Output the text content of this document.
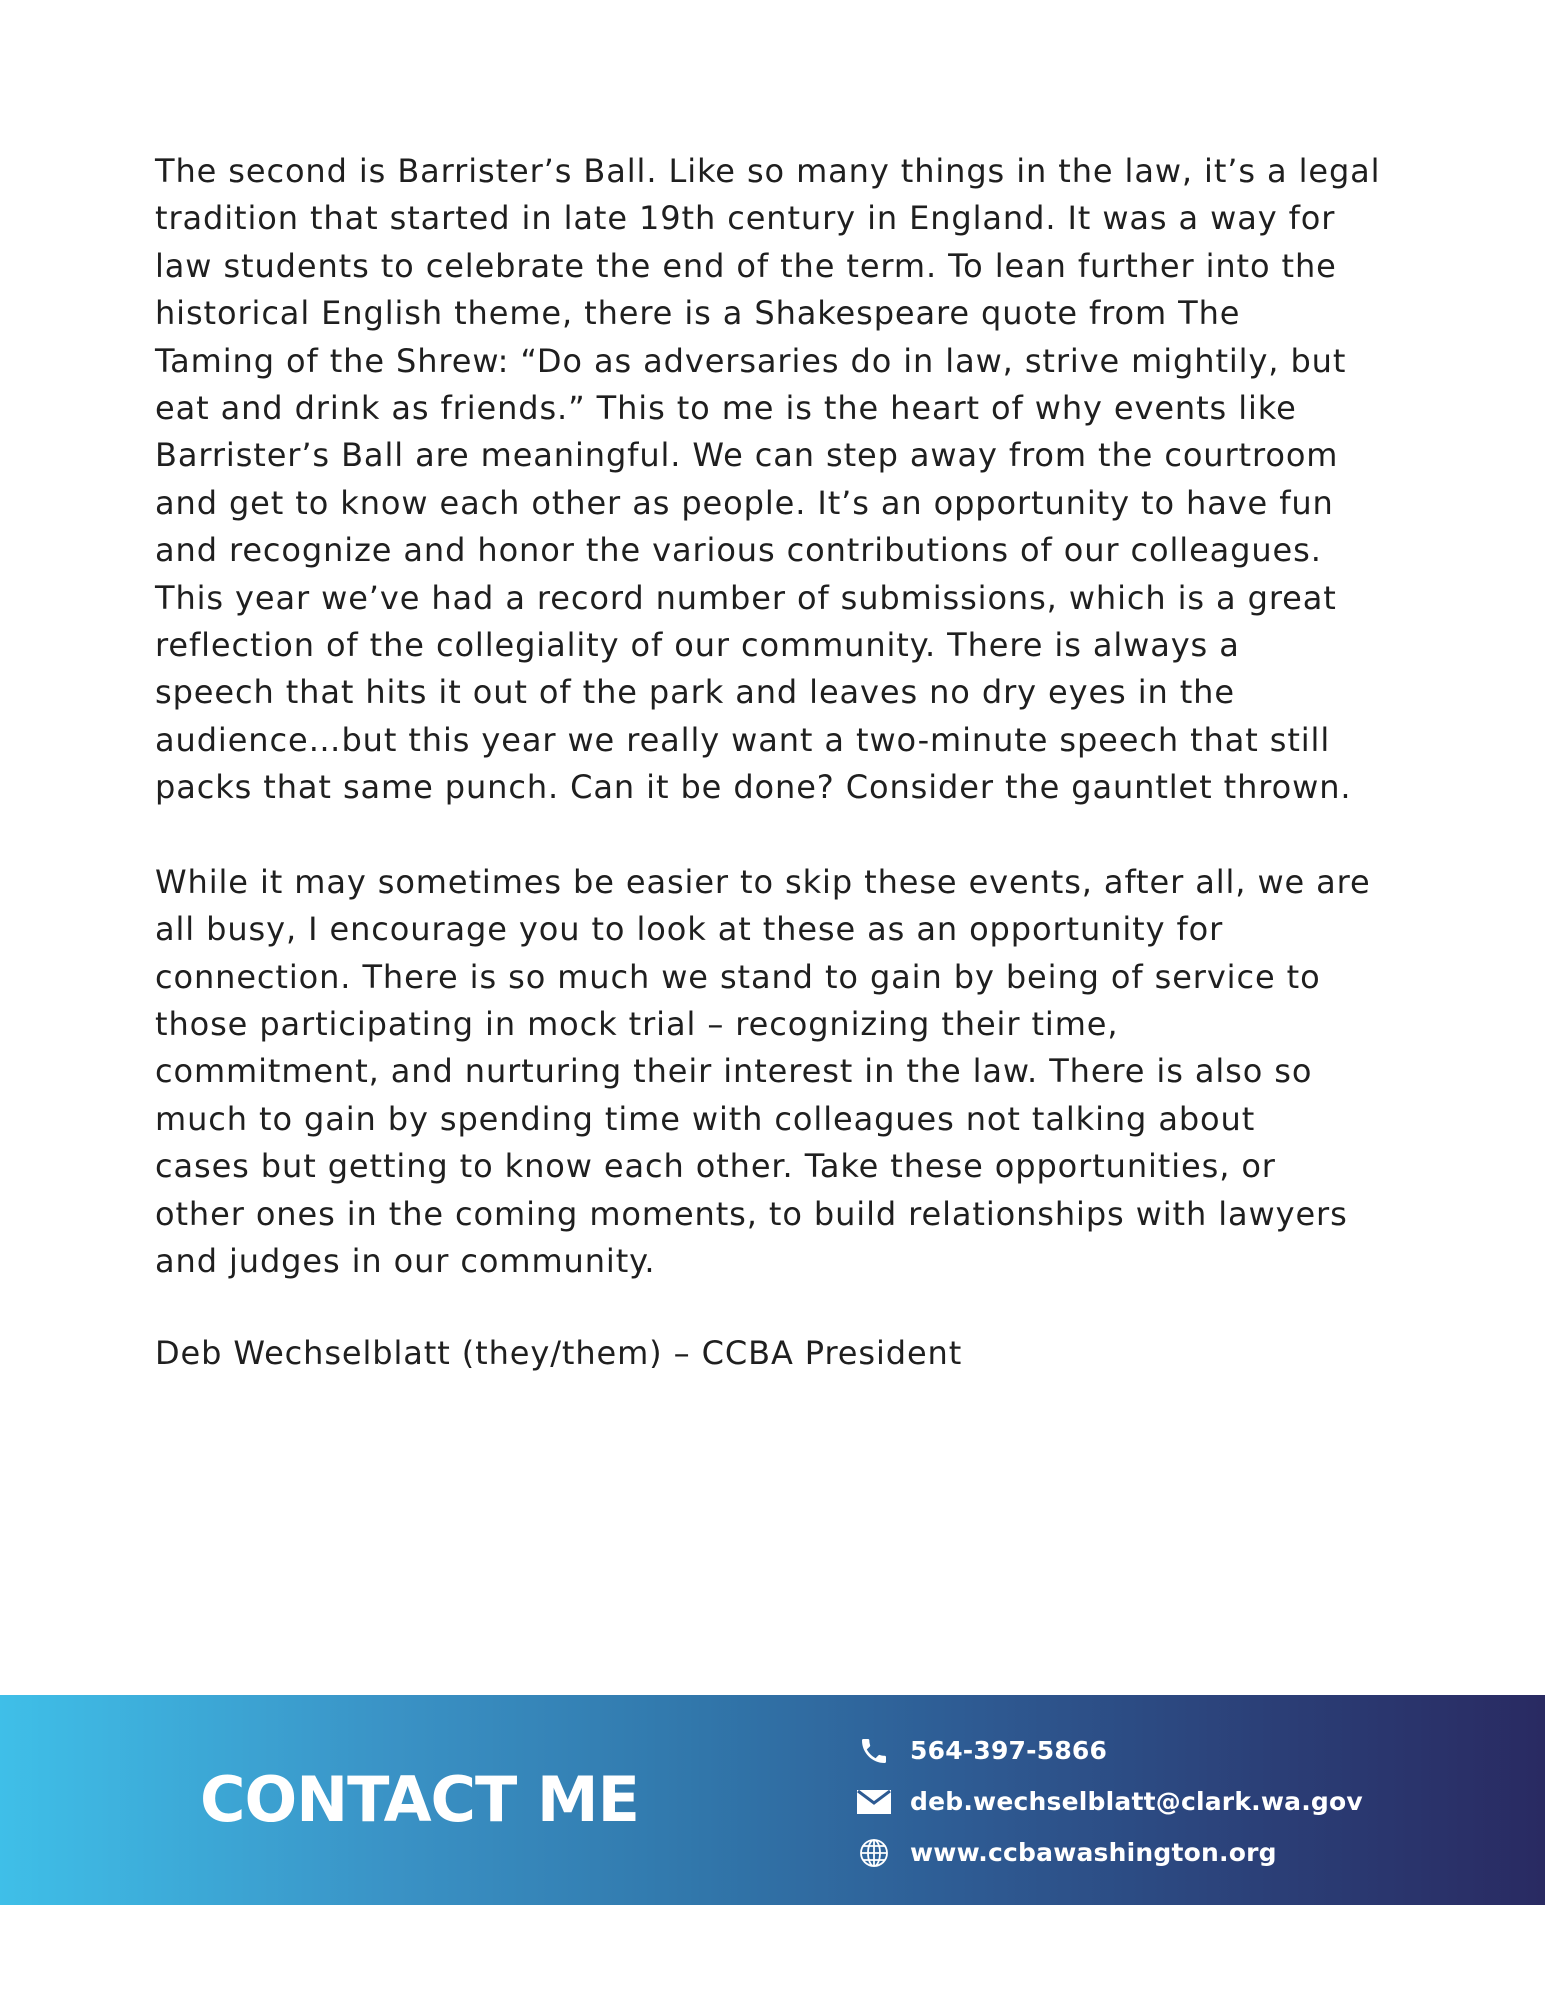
The second is Barrister’s Ball. Like so many things in the law, it’s a legal
tradition that started in late 19th century in England. It was a way for
law students to celebrate the end of the term. To lean further into the
historical English theme, there is a Shakespeare quote from The
Taming of the Shrew: “Do as adversaries do in law, strive mightily, but
eat and drink as friends.” This to me is the heart of why events like
Barrister’s Ball are meaningful. We can step away from the courtroom
and get to know each other as people. It’s an opportunity to have fun
and recognize and honor the various contributions of our colleagues.
This year we’ve had a record number of submissions, which is a great
reflection of the collegiality of our community. There is always a
speech that hits it out of the park and leaves no dry eyes in the
audience…but this year we really want a two-minute speech that still
packs that same punch. Can it be done? Consider the gauntlet thrown.

While it may sometimes be easier to skip these events, after all, we are
all busy, I encourage you to look at these as an opportunity for
connection. There is so much we stand to gain by being of service to
those participating in mock trial – recognizing their time,
commitment, and nurturing their interest in the law. There is also so
much to gain by spending time with colleagues not talking about
cases but getting to know each other. Take these opportunities, or
other ones in the coming moments, to build relationships with lawyers
and judges in our community.

Deb Wechselblatt (they/them) – CCBA President

CONTACT ME
564-397-5866
deb.wechselblatt@clark.wa.gov
www.ccbawashington.org
